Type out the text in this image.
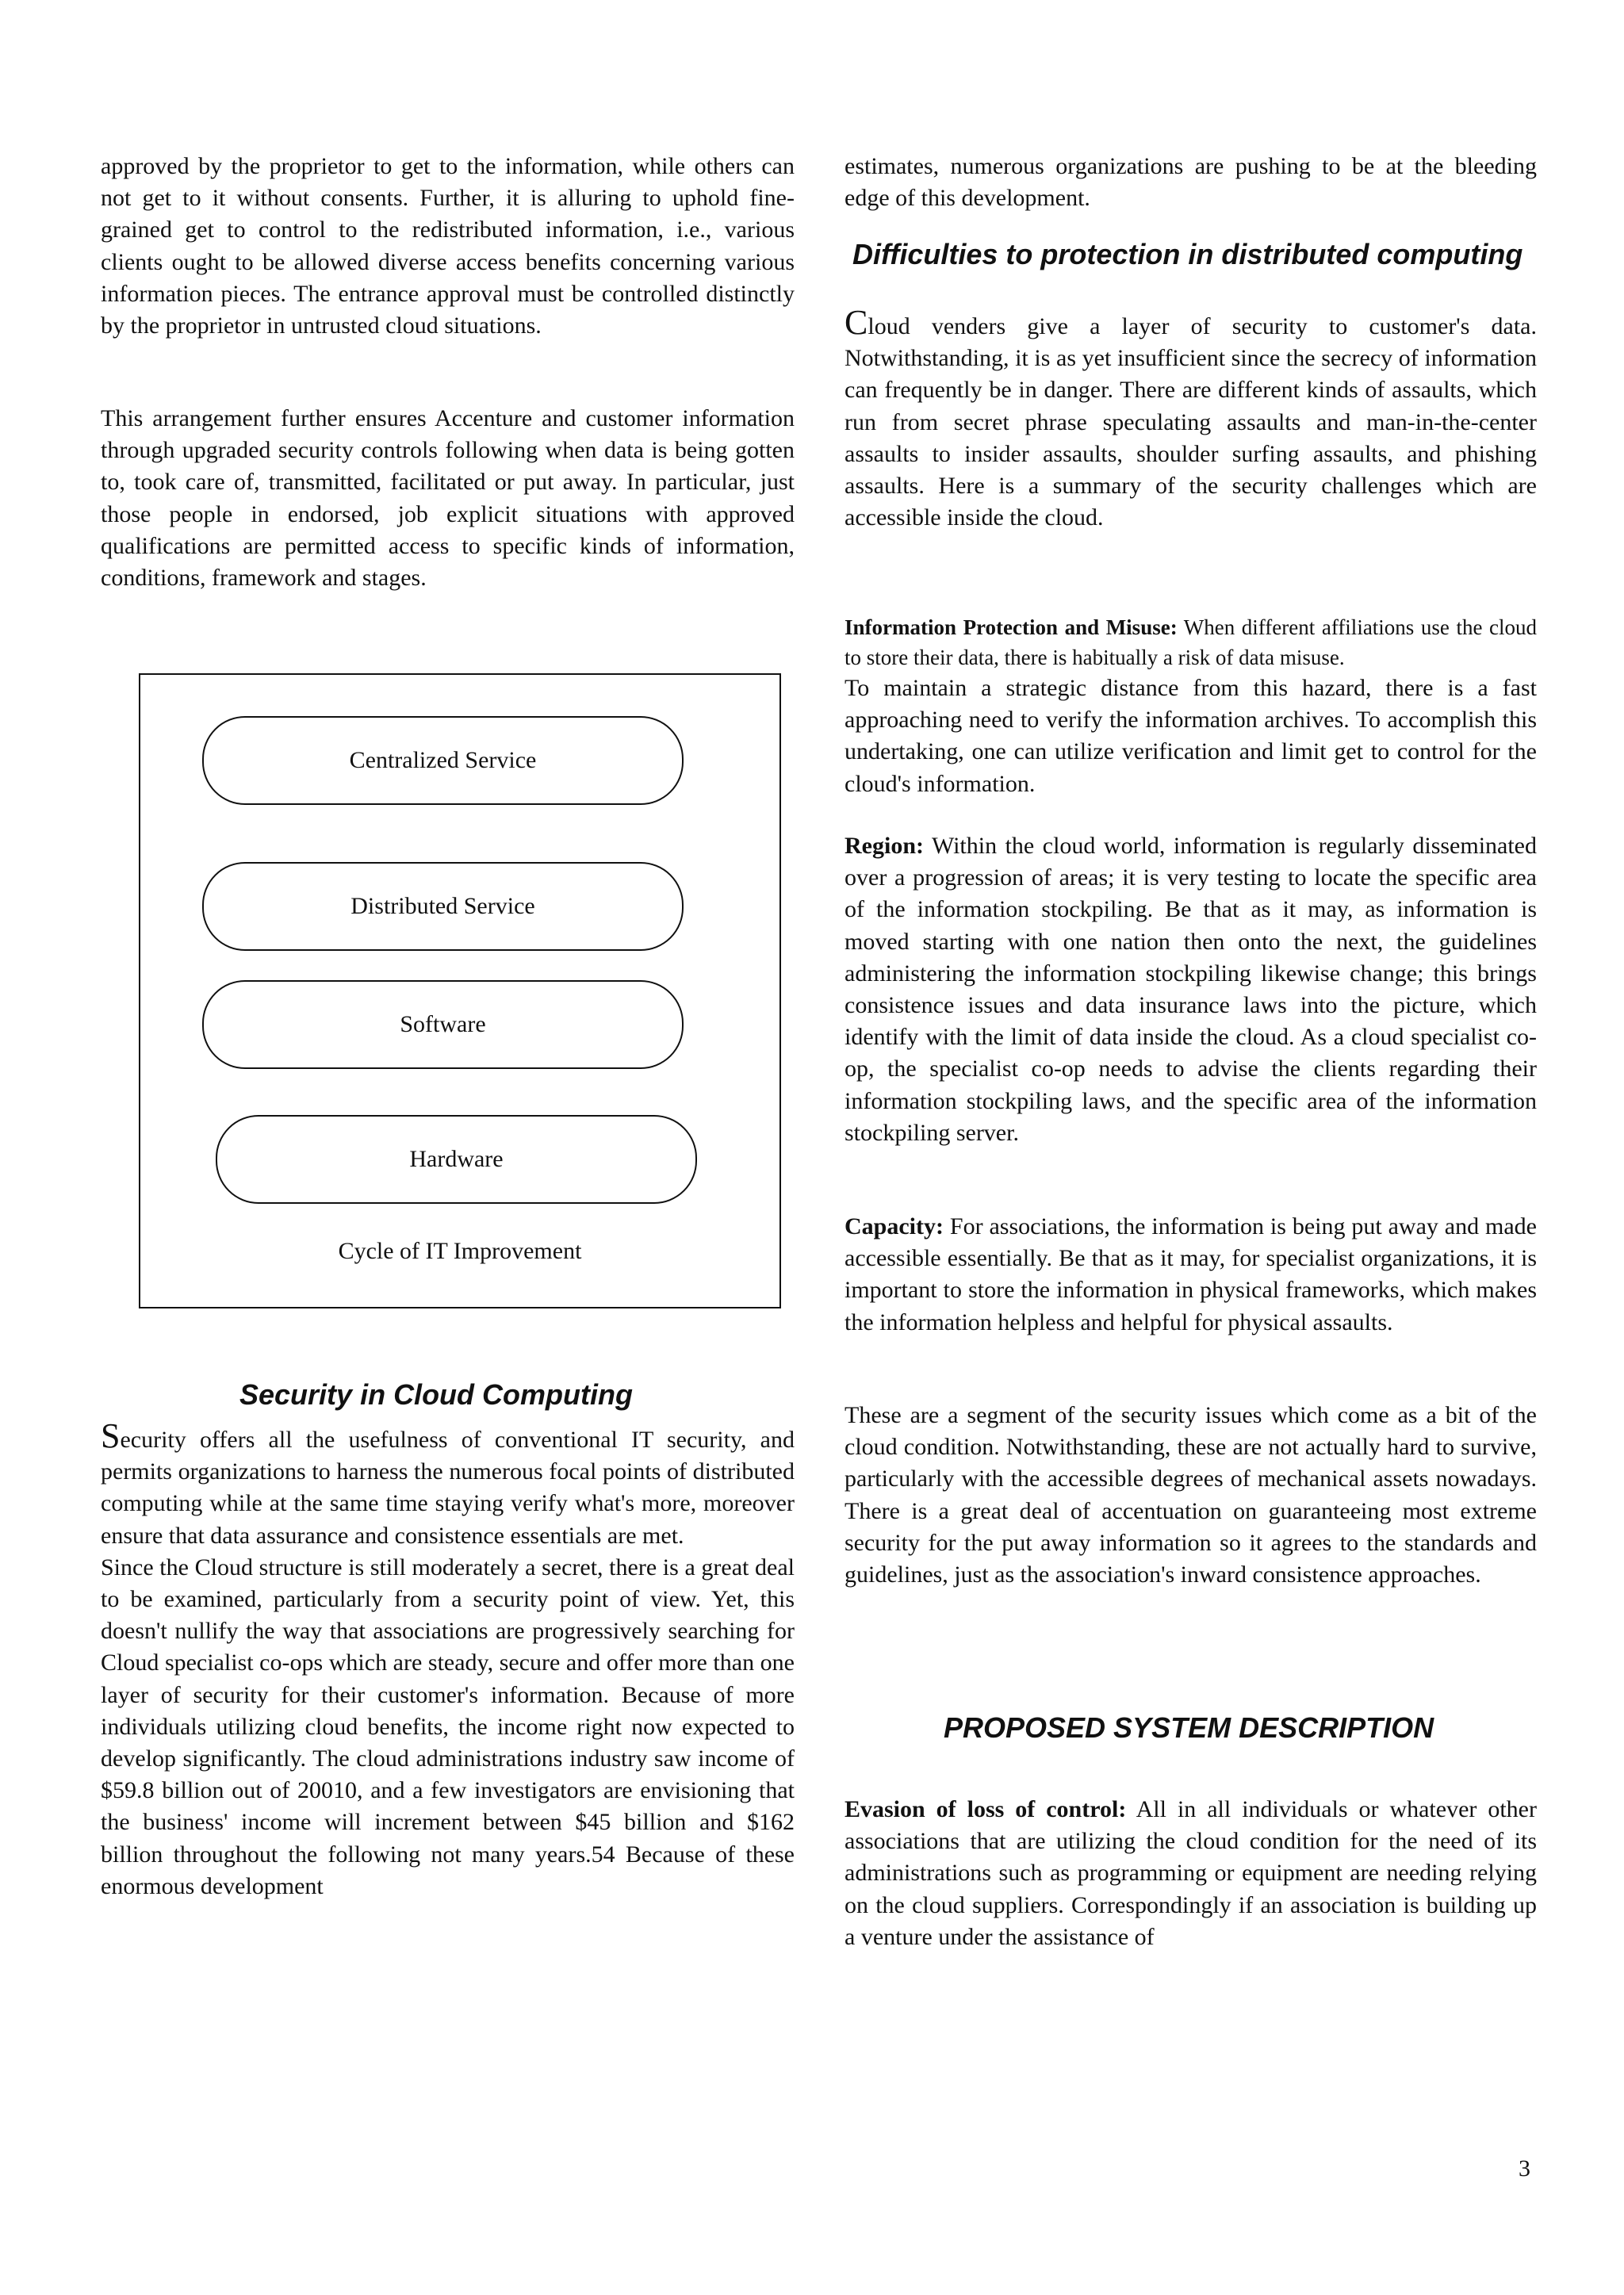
approved by the proprietor to get to the information, while others can not get to it without consents. Further, it is alluring to uphold fine-grained get to control to the redistributed information, i.e., various clients ought to be allowed diverse access benefits concerning various information pieces. The entrance approval must be controlled distinctly by the proprietor in untrusted cloud situations.

This arrangement further ensures Accenture and customer information through upgraded security controls following when data is being gotten to, took care of, transmitted, facilitated or put away. In particular, just those people in endorsed, job explicit situations with approved qualifications are permitted access to specific kinds of information, conditions, framework and stages.

Centralized Service
Distributed Service
Software
Hardware
Cycle of IT Improvement
Security in Cloud Computing

Security offers all the usefulness of conventional IT security, and permits organizations to harness the numerous focal points of distributed computing while at the same time staying verify what's more, moreover ensure that data assurance and consistence essentials are met.

Since the Cloud structure is still moderately a secret, there is a great deal to be examined, particularly from a security point of view. Yet, this doesn't nullify the way that associations are progressively searching for Cloud specialist co-ops which are steady, secure and offer more than one layer of security for their customer's information. Because of more individuals utilizing cloud benefits, the income right now expected to develop significantly. The cloud administrations industry saw income of $59.8 billion out of 20010, and a few investigators are envisioning that the business' income will increment between $45 billion and $162 billion throughout the following not many years.54 Because of these enormous development

estimates, numerous organizations are pushing to be at the bleeding edge of this development.

Difficulties to protection in distributed computing

Cloud venders give a layer of security to customer's data. Notwithstanding, it is as yet insufficient since the secrecy of information can frequently be in danger. There are different kinds of assaults, which run from secret phrase speculating assaults and man-in-the-center assaults to insider assaults, shoulder surfing assaults, and phishing assaults. Here is a summary of the security challenges which are accessible inside the cloud.

Information Protection and Misuse: When different affiliations use the cloud to store their data, there is habitually a risk of data misuse.

To maintain a strategic distance from this hazard, there is a fast approaching need to verify the information archives. To accomplish this undertaking, one can utilize verification and limit get to control for the cloud's information.

Region: Within the cloud world, information is regularly disseminated over a progression of areas; it is very testing to locate the specific area of the information stockpiling. Be that as it may, as information is moved starting with one nation then onto the next, the guidelines administering the information stockpiling likewise change; this brings consistence issues and data insurance laws into the picture, which identify with the limit of data inside the cloud. As a cloud specialist co-op, the specialist co-op needs to advise the clients regarding their information stockpiling laws, and the specific area of the information stockpiling server.

Capacity: For associations, the information is being put away and made accessible essentially. Be that as it may, for specialist organizations, it is important to store the information in physical frameworks, which makes the information helpless and helpful for physical assaults.

These are a segment of the security issues which come as a bit of the cloud condition. Notwithstanding, these are not actually hard to survive, particularly with the accessible degrees of mechanical assets nowadays. There is a great deal of accentuation on guaranteeing most extreme security for the put away information so it agrees to the standards and guidelines, just as the association's inward consistence approaches.

PROPOSED SYSTEM DESCRIPTION

Evasion of loss of control: All in all individuals or whatever other associations that are utilizing the cloud condition for the need of its administrations such as programming or equipment are needing relying on the cloud suppliers. Correspondingly if an association is building up a venture under the assistance of

3
